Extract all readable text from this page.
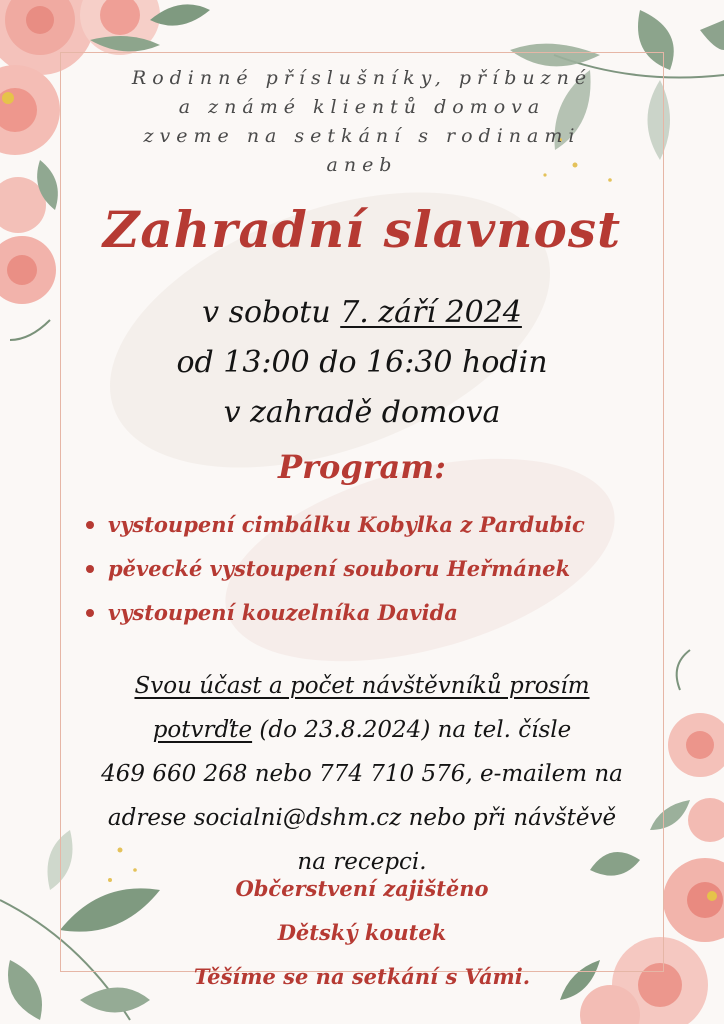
Rodinné příslušníky, příbuzné
a známé klientů domova
zveme na setkání s rodinami
aneb
Zahradní slavnost
v sobotu 7. září 2024
od 13:00 do 16:30 hodin
v zahradě domova
Program:
vystoupení cimbálku Kobylka z Pardubic
pěvecké vystoupení souboru Heřmánek
vystoupení kouzelníka Davida
Svou účast a počet návštěvníků prosím
potvrďte (do 23.8.2024) na tel. čísle
469 660 268 nebo 774 710 576, e-mailem na
adrese socialni@dshm.cz nebo při návštěvě
na recepci.
Občerstvení zajištěno
Dětský koutek
Těšíme se na setkání s Vámi.
